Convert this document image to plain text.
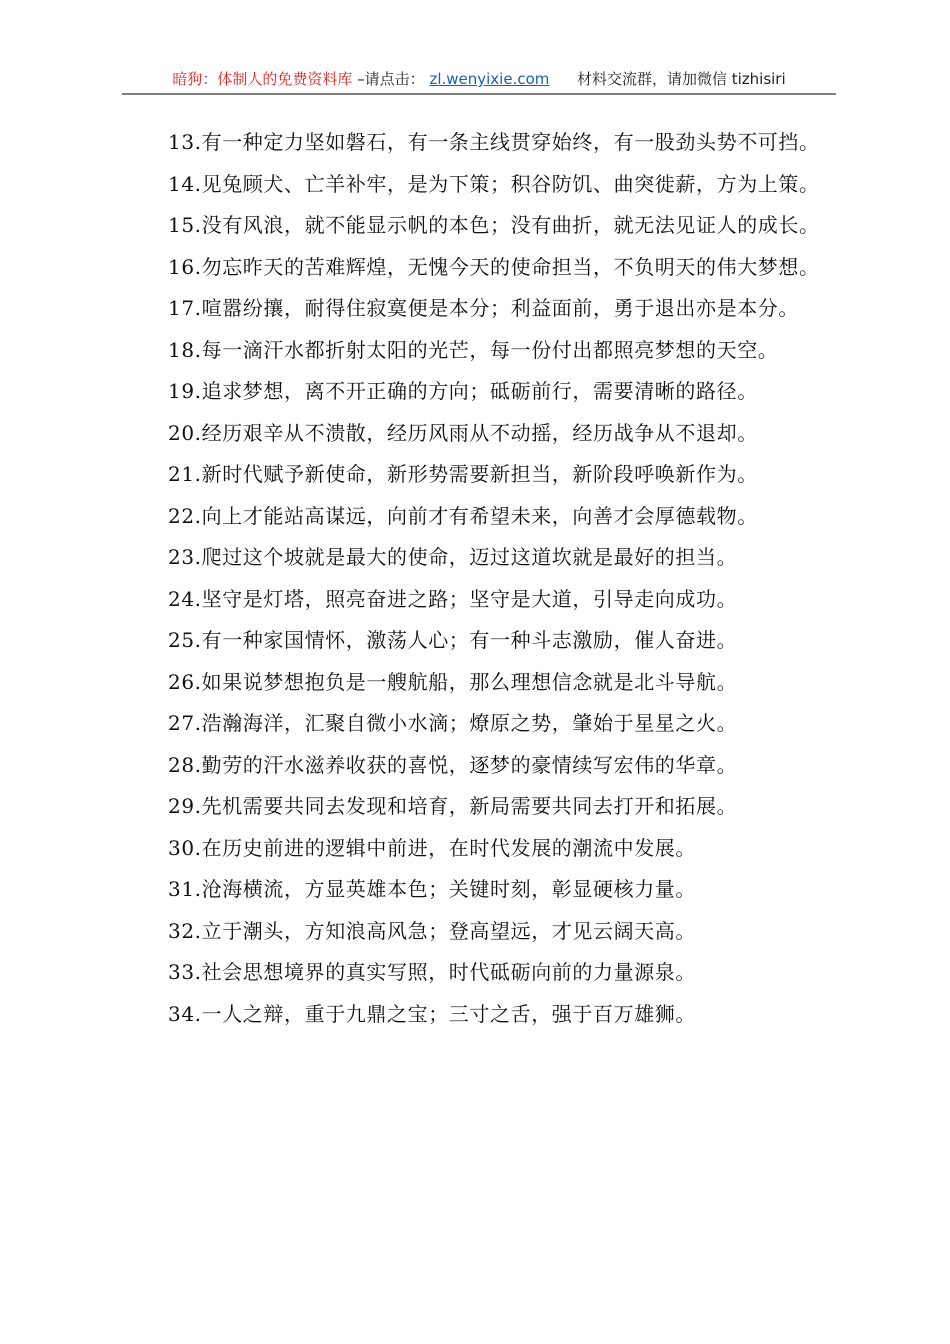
暗狗：体制人的免费资料库 –请点击： zl.wenyixie.com 材料交流群，请加微信 tizhisiri

13.有一种定力坚如磐石，有一条主线贯穿始终，有一股劲头势不可挡。

14.见兔顾犬、亡羊补牢，是为下策；积谷防饥、曲突徙薪，方为上策。

15.没有风浪，就不能显示帆的本色；没有曲折，就无法见证人的成长。

16.勿忘昨天的苦难辉煌，无愧今天的使命担当，不负明天的伟大梦想。

17.喧嚣纷攘，耐得住寂寞便是本分；利益面前，勇于退出亦是本分。

18.每一滴汗水都折射太阳的光芒，每一份付出都照亮梦想的天空。

19.追求梦想，离不开正确的方向；砥砺前行，需要清晰的路径。

20.经历艰辛从不溃散，经历风雨从不动摇，经历战争从不退却。

21.新时代赋予新使命，新形势需要新担当，新阶段呼唤新作为。

22.向上才能站高谋远，向前才有希望未来，向善才会厚德载物。

23.爬过这个坡就是最大的使命，迈过这道坎就是最好的担当。

24.坚守是灯塔，照亮奋进之路；坚守是大道，引导走向成功。

25.有一种家国情怀，激荡人心；有一种斗志激励，催人奋进。

26.如果说梦想抱负是一艘航船，那么理想信念就是北斗导航。

27.浩瀚海洋，汇聚自微小水滴；燎原之势，肇始于星星之火。

28.勤劳的汗水滋养收获的喜悦，逐梦的豪情续写宏伟的华章。

29.先机需要共同去发现和培育，新局需要共同去打开和拓展。

30.在历史前进的逻辑中前进，在时代发展的潮流中发展。

31.沧海横流，方显英雄本色；关键时刻，彰显硬核力量。

32.立于潮头，方知浪高风急；登高望远，才见云阔天高。

33.社会思想境界的真实写照，时代砥砺向前的力量源泉。

34.一人之辩，重于九鼎之宝；三寸之舌，强于百万雄狮。
